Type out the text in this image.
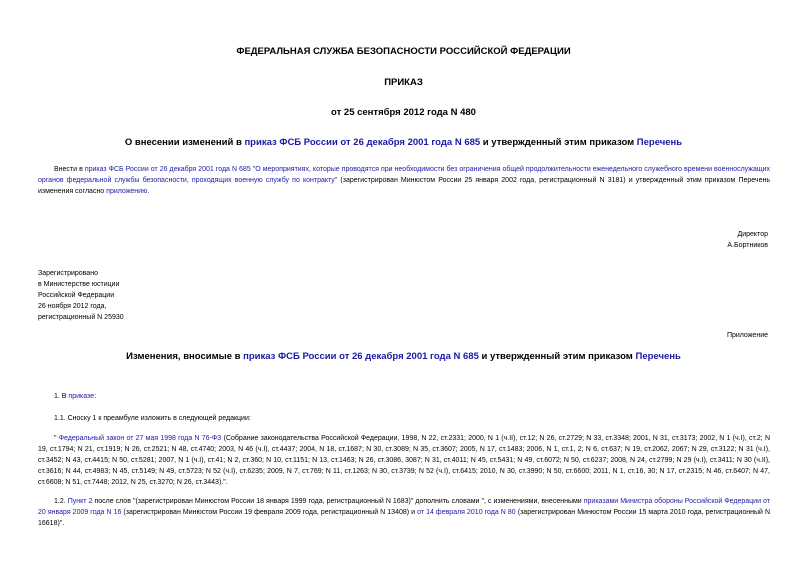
ФЕДЕРАЛЬНАЯ СЛУЖБА БЕЗОПАСНОСТИ РОССИЙСКОЙ ФЕДЕРАЦИИ
ПРИКАЗ
от 25 сентября 2012 года N 480
О внесении изменений в приказ ФСБ России от 26 декабря 2001 года N 685 и утвержденный этим приказом Перечень
Внести в приказ ФСБ России от 26 декабря 2001 года N 685 "О мероприятиях, которые проводятся при необходимости без ограничения общей продолжительности еженедельного служебного времени военнослужащих органов федеральной службы безопасности, проходящих военную службу по контракту" (зарегистрирован Минюстом России 25 января 2002 года, регистрационный N 3181) и утвержденный этим приказом Перечень изменения согласно приложению.
Директор
А.Бортников
Зарегистрировано
в Министерстве юстиции
Российской Федерации
26 ноября 2012 года,
регистрационный N 25930
Приложение
Изменения, вносимые в приказ ФСБ России от 26 декабря 2001 года N 685 и утвержденный этим приказом Перечень
1. В приказе:
1.1. Сноску 1 к преамбуле изложить в следующей редакции:
" Федеральный закон от 27 мая 1998 года N 76-ФЗ (Собрание законодательства Российской Федерации, 1998, N 22, ст.2331; 2000, N 1 (ч.II), ст.12; N 26, ст.2729; N 33, ст.3348; 2001, N 31, ст.3173; 2002, N 1 (ч.I), ст.2; N 19, ст.1794; N 21, ст.1919; N 26, ст.2521; N 48, ст.4740; 2003, N 46 (ч.I), ст.4437; 2004, N 18, ст.1687; N 30, ст.3089; N 35, ст.3607; 2005, N 17, ст.1483; 2006, N 1, ст.1, 2; N 6, ст.637; N 19, ст.2062, 2067; N 29, ст.3122; N 31 (ч.I), ст.3452; N 43, ст.4415; N 50, ст.5281; 2007, N 1 (ч.I), ст.41; N 2, ст.360; N 10, ст.1151; N 13, ст.1463; N 26, ст.3086, 3087; N 31, ст.4011; N 45, ст.5431; N 49, ст.6072; N 50, ст.6237; 2008, N 24, ст.2799; N 29 (ч.I), ст.3411; N 30 (ч.II), ст.3616; N 44, ст.4983; N 45, ст.5149; N 49, ст.5723; N 52 (ч.I), ст.6235; 2009, N 7, ст.769; N 11, ст.1263; N 30, ст.3739; N 52 (ч.I), ст.6415; 2010, N 30, ст.3990; N 50, ст.6600; 2011, N 1, ст.16, 30; N 17, ст.2315; N 46, ст.6407; N 47, ст.6608; N 51, ст.7448; 2012, N 25, ст.3270; N 26, ст.3443).".
1.2. Пункт 2 после слов "(зарегистрирован Минюстом России 18 января 1999 года, регистрационный N 1683)" дополнить словами ", с изменениями, внесенными приказами Министра обороны Российской Федерации от 20 января 2009 года N 16 (зарегистрирован Минюстом России 19 февраля 2009 года, регистрационный N 13408) и от 14 февраля 2010 года N 80 (зарегистрирован Минюстом России 15 марта 2010 года, регистрационный N 16618)".
